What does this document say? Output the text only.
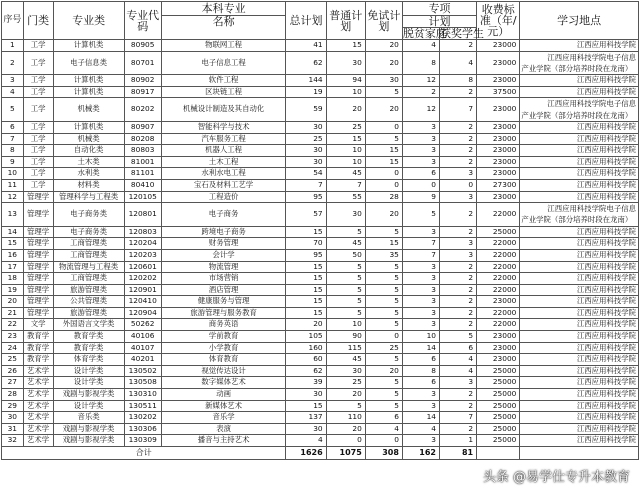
序号	门类	专业类	专业代码	本科专业	总计划	普通计划	免试计划	专项		收费标准（年/元）	学习地点
				名称				计划			
								脱贫家庭	获奖学生		
1	工学	计算机类	80905	物联网工程	41	15	20	4	2	23000	江西应用科技学院

2	工学	电子信息类	80701	电子信息工程	62	30	20	8	4	23000	江西应用科技学院电子信息
产业学院（部分培养时段在龙南）

3	工学	计算机类	80902	软件工程	144	94	30	12	8	23000	江西应用科技学院

4	工学	计算机类	80917	区块链工程	19	10	5	2	2	37500	江西应用科技学院

5	工学	机械类	80202	机械设计制造及其自动化	59	20	20	12	7	23000	江西应用科技学院电子信息
产业学院（部分培养时段在龙南）

6	工学	计算机类	80907	智能科学与技术	30	25	0	3	2	23000	江西应用科技学院

7	工学	机械类	80208	汽车服务工程	25	15	5	3	2	23000	江西应用科技学院

8	工学	自动化类	80803	机器人工程	30	10	15	3	2	23000	江西应用科技学院

9	工学	土木类	81001	土木工程	30	10	15	3	2	23000	江西应用科技学院

10	工学	水利类	81101	水利水电工程	54	45	0	6	3	23000	江西应用科技学院

11	工学	材料类	80410	宝石及材料工艺学	7	7	0	0	0	27300	江西应用科技学院

12	管理学	管理科学与工程类	120105	工程造价	95	55	28	9	3	23000	江西应用科技学院

13	管理学	电子商务类	120801	电子商务	57	30	20	5	2	22000	江西应用科技学院电子信息
产业学院（部分培养时段在龙南）

14	管理学	电子商务类	120803	跨境电子商务	15	5	5	3	2	25000	江西应用科技学院

15	管理学	工商管理类	120204	财务管理	70	45	15	7	3	22000	江西应用科技学院

16	管理学	工商管理类	120203	会计学	95	50	35	7	3	22000	江西应用科技学院

17	管理学	物流管理与工程类	120601	物流管理	15	5	5	3	2	22000	江西应用科技学院

18	管理学	工商管理类	120202	市场营销	15	5	5	3	2	22000	江西应用科技学院

19	管理学	旅游管理类	120901	酒店管理	15	5	5	3	2	22000	江西应用科技学院

20	管理学	公共管理类	120410	健康服务与管理	15	5	5	3	2	23000	江西应用科技学院

21	管理学	旅游管理类	120904	旅游管理与服务教育	15	5	5	3	2	22000	江西应用科技学院

22	文学	外国语言文学类	50262	商务英语	20	10	5	3	2	22000	江西应用科技学院

23	教育学	教育学类	40106	学前教育	105	90	0	10	5	23000	江西应用科技学院

24	教育学	教育学类	40107	小学教育	160	115	25	14	6	23000	江西应用科技学院

25	教育学	体育学类	40201	体育教育	60	45	5	6	4	23000	江西应用科技学院

26	艺术学	设计学类	130502	视觉传达设计	62	30	20	8	4	25000	江西应用科技学院

27	艺术学	设计学类	130508	数字媒体艺术	39	25	5	6	3	25000	江西应用科技学院

28	艺术学	戏剧与影视学类	130310	动画	30	20	5	3	2	25000	江西应用科技学院

29	艺术学	设计学类	130511	新媒体艺术	15	5	5	3	2	25000	江西应用科技学院

30	艺术学	音乐类	130202	音乐学	137	110	6	14	7	25000	江西应用科技学院

31	艺术学	戏剧与影视学类	130306	表演	30	20	4	4	2	25000	江西应用科技学院

32	艺术学	戏剧与影视学类	130309	播音与主持艺术	4	0	0	3	1	25000	江西应用科技学院

合计					1626	1075	308	162	81		
头条 @易学仕专升本教育
